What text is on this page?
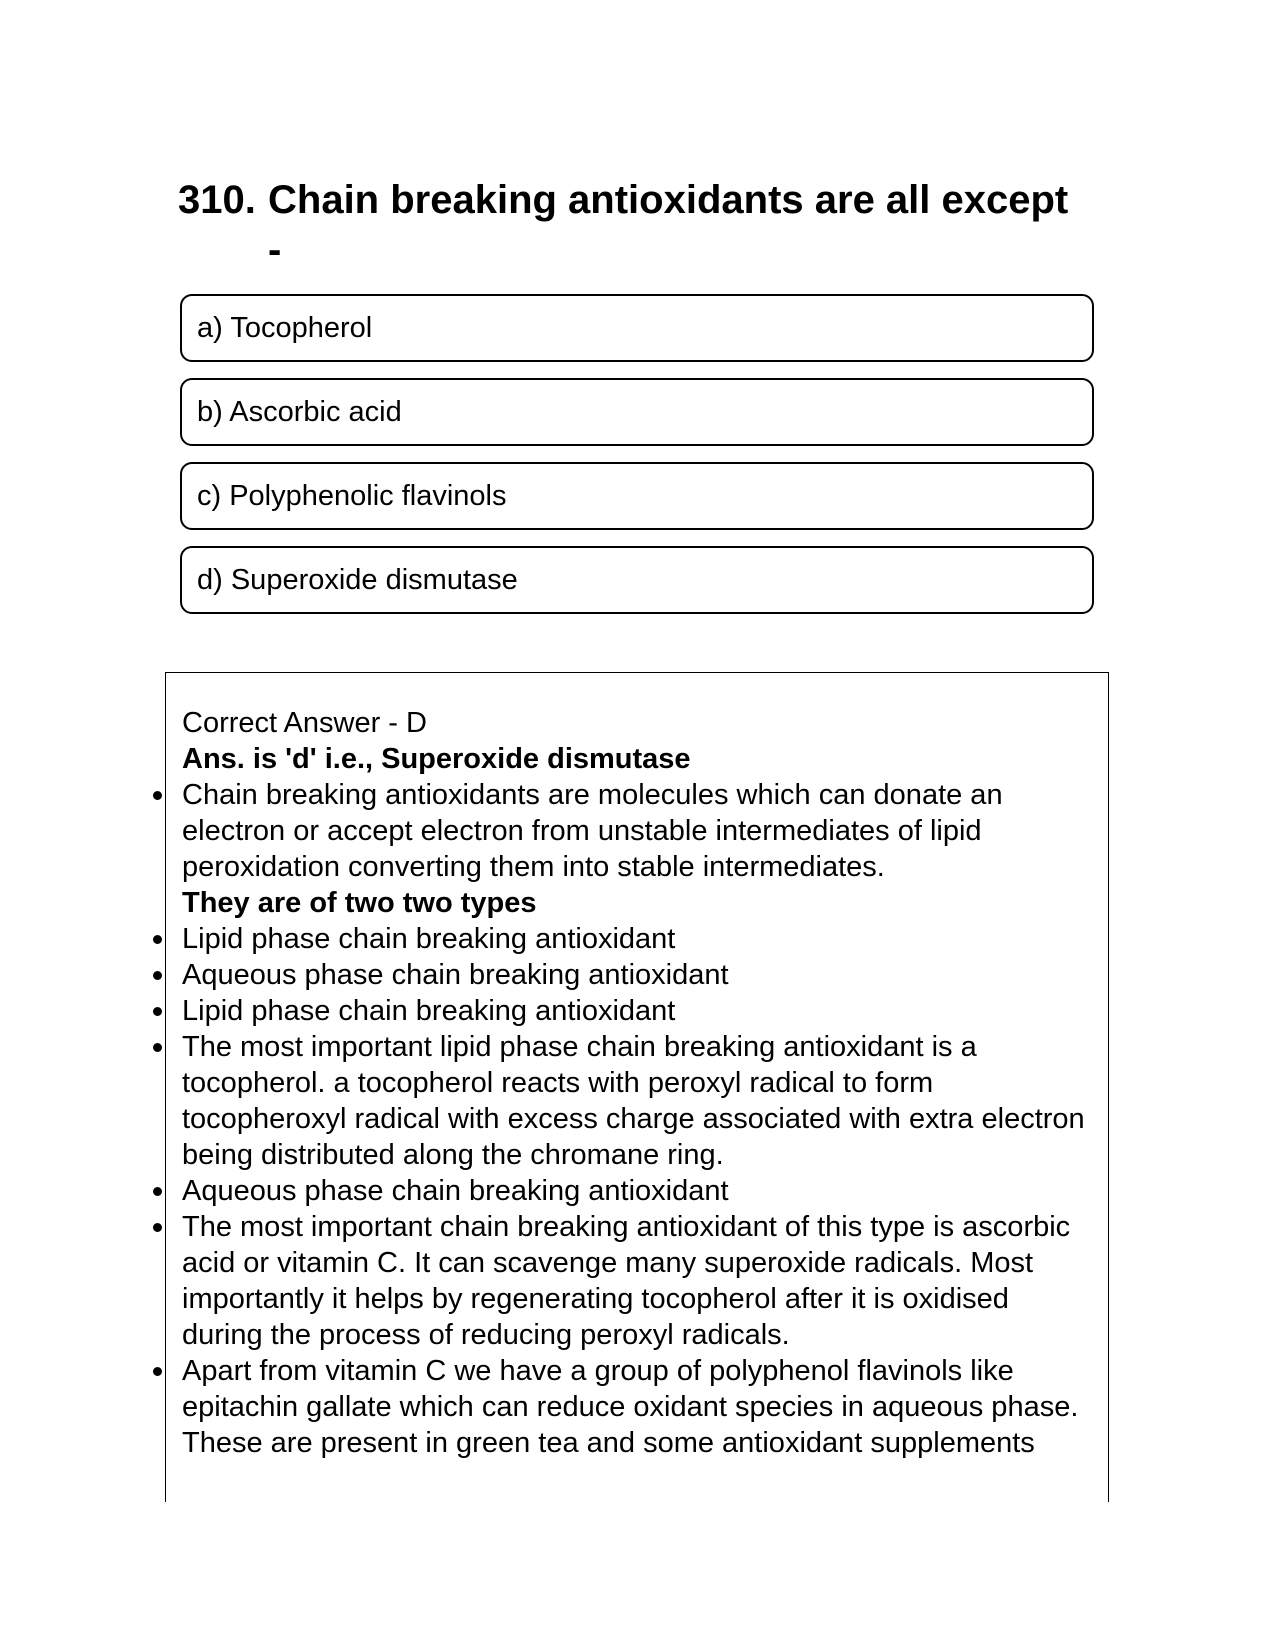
310. Chain breaking antioxidants are all except -
a) Tocopherol
b) Ascorbic acid
c) Polyphenolic flavinols
d) Superoxide dismutase

Correct Answer - D

Ans. is 'd' i.e., Superoxide dismutase

Chain breaking antioxidants are molecules which can donate an electron or accept electron from unstable intermediates of lipid peroxidation converting them into stable intermediates.

They are of two two types

Lipid phase chain breaking antioxidant

Aqueous phase chain breaking antioxidant

Lipid phase chain breaking antioxidant

The most important lipid phase chain breaking antioxidant is a tocopherol. a tocopherol reacts with peroxyl radical to form tocopheroxyl radical with excess charge associated with extra electron being distributed along the chromane ring.

Aqueous phase chain breaking antioxidant

The most important chain breaking antioxidant of this type is ascorbic acid or vitamin C. It can scavenge many superoxide radicals. Most importantly it helps by regenerating tocopherol after it is oxidised during the process of reducing peroxyl radicals.

Apart from vitamin C we have a group of polyphenol flavinols like epitachin gallate which can reduce oxidant species in aqueous phase. These are present in green tea and some antioxidant supplements
